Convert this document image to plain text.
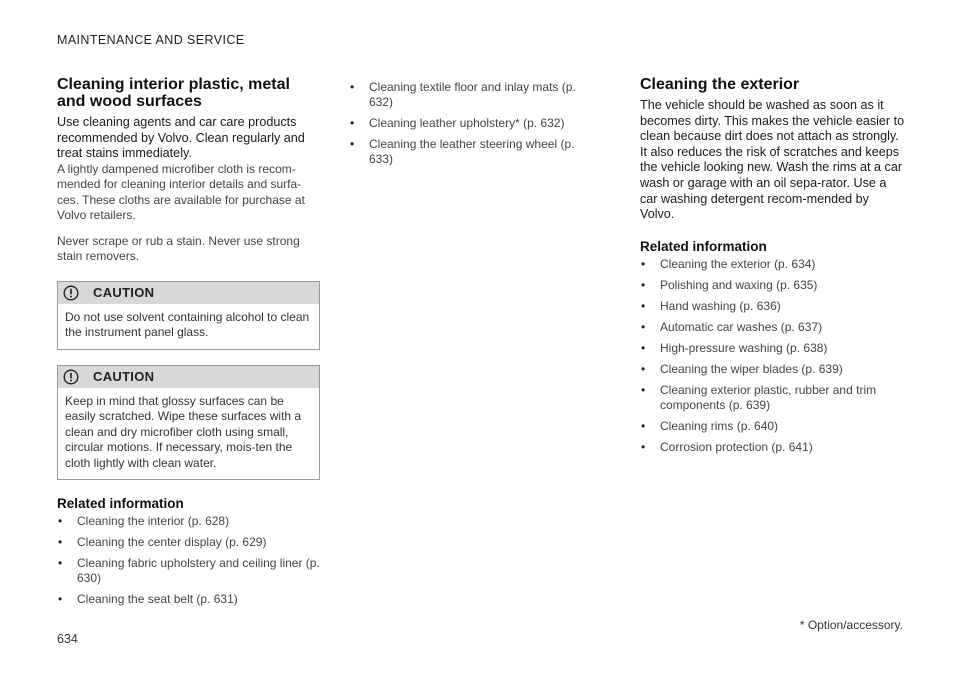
MAINTENANCE AND SERVICE
Cleaning interior plastic, metal and wood surfaces

Use cleaning agents and car care products recommended by Volvo. Clean regularly and treat stains immediately.

A lightly dampened microfiber cloth is recom-mended for cleaning interior details and surfa-ces. These cloths are available for purchase at Volvo retailers.

Never scrape or rub a stain. Never use strong stain removers.

CAUTION
Do not use solvent containing alcohol to clean the instrument panel glass.
CAUTION
Keep in mind that glossy surfaces can be easily scratched. Wipe these surfaces with a clean and dry microfiber cloth using small, circular motions. If necessary, mois-ten the cloth lightly with clean water.
Related information
• Cleaning the interior (p. 628)
• Cleaning the center display (p. 629)
• Cleaning fabric upholstery and ceiling liner (p. 630)
• Cleaning the seat belt (p. 631)
• Cleaning textile floor and inlay mats (p. 632)
• Cleaning leather upholstery* (p. 632)
• Cleaning the leather steering wheel (p. 633)
Cleaning the exterior

The vehicle should be washed as soon as it becomes dirty. This makes the vehicle easier to clean because dirt does not attach as strongly. It also reduces the risk of scratches and keeps the vehicle looking new. Wash the rims at a car wash or garage with an oil sepa-rator. Use a car washing detergent recom-mended by Volvo.

Related information
• Cleaning the exterior (p. 634)
• Polishing and waxing (p. 635)
• Hand washing (p. 636)
• Automatic car washes (p. 637)
• High-pressure washing (p. 638)
• Cleaning the wiper blades (p. 639)
• Cleaning exterior plastic, rubber and trim components (p. 639)
• Cleaning rims (p. 640)
• Corrosion protection (p. 641)
* Option/accessory.
634
